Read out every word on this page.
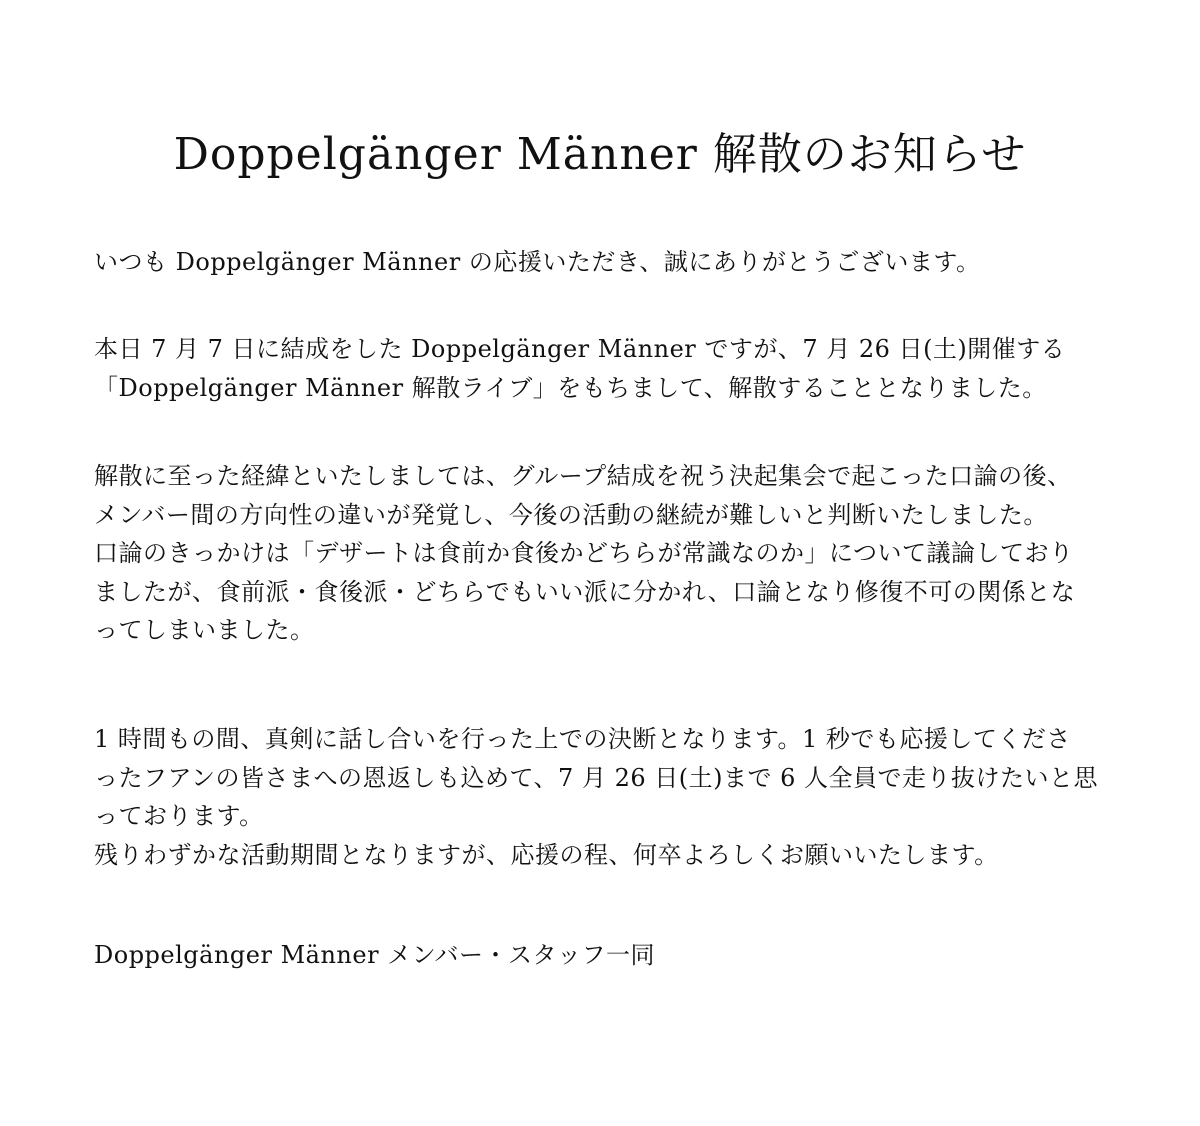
Doppelgänger Männer 解散のお知らせ
いつも Doppelgänger Männer の応援いただき、誠にありがとうございます。
本日 7 月 7 日に結成をした Doppelgänger Männer ですが、7 月 26 日(土)開催する
「Doppelgänger Männer 解散ライブ」をもちまして、解散することとなりました。
解散に至った経緯といたしましては、グループ結成を祝う決起集会で起こった口論の後、
メンバー間の方向性の違いが発覚し、今後の活動の継続が難しいと判断いたしました。
口論のきっかけは「デザートは食前か食後かどちらが常識なのか」について議論しており
ましたが、食前派・食後派・どちらでもいい派に分かれ、口論となり修復不可の関係とな
ってしまいました。
1 時間もの間、真剣に話し合いを行った上での決断となります。1 秒でも応援してくださ
ったフアンの皆さまへの恩返しも込めて、7 月 26 日(土)まで 6 人全員で走り抜けたいと思
っております。
残りわずかな活動期間となりますが、応援の程、何卒よろしくお願いいたします。
Doppelgänger Männer メンバー・スタッフ一同
